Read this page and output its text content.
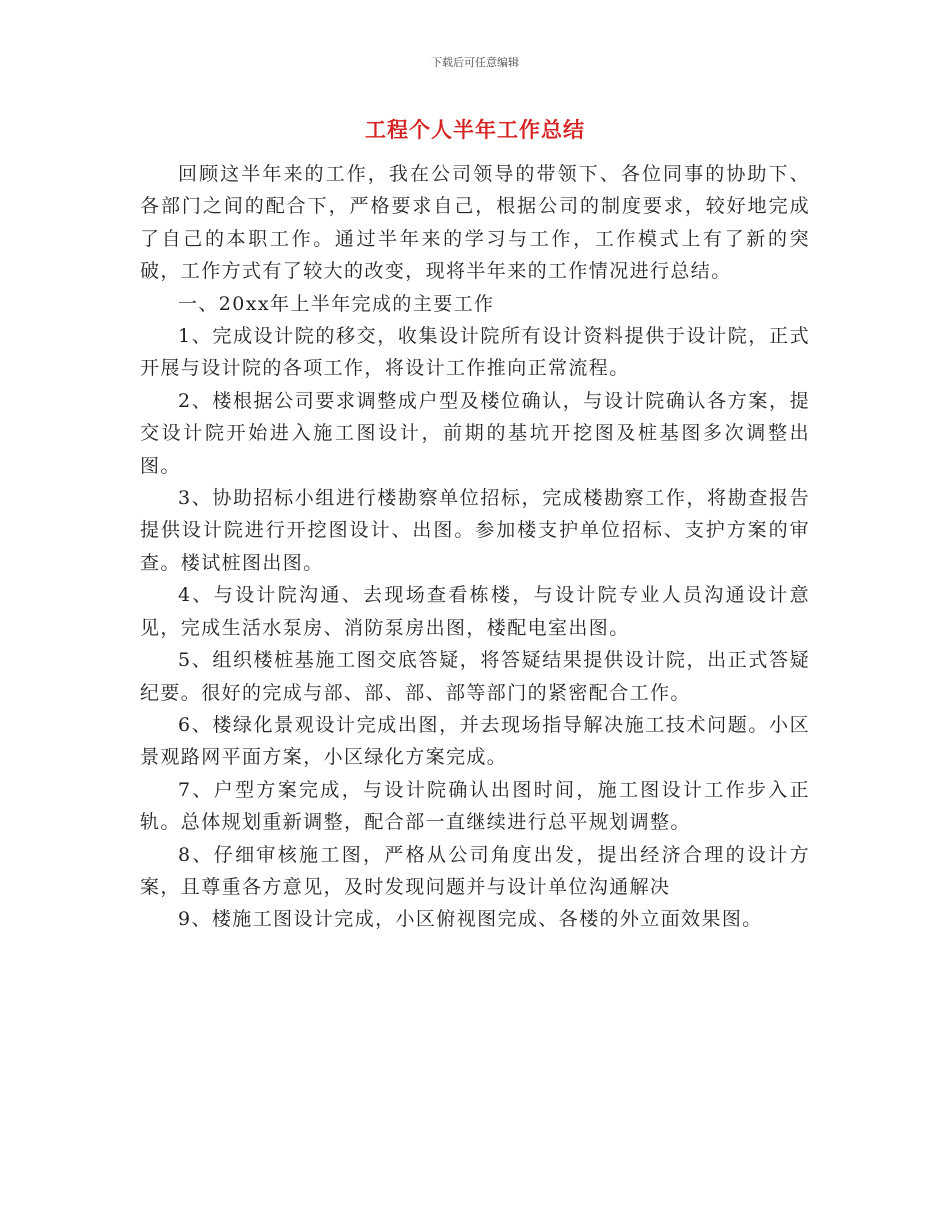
下载后可任意编辑
工程个人半年工作总结

回顾这半年来的工作，我在公司领导的带领下、各位同事的协助下、各部门之间的配合下，严格要求自己，根据公司的制度要求，较好地完成了自己的本职工作。通过半年来的学习与工作，工作模式上有了新的突破，工作方式有了较大的改变，现将半年来的工作情况进行总结。

一、20xx年上半年完成的主要工作

1、完成设计院的移交，收集设计院所有设计资料提供于设计院，正式开展与设计院的各项工作，将设计工作推向正常流程。

2、楼根据公司要求调整成户型及楼位确认，与设计院确认各方案，提交设计院开始进入施工图设计，前期的基坑开挖图及桩基图多次调整出图。

3、协助招标小组进行楼勘察单位招标，完成楼勘察工作，将勘查报告提供设计院进行开挖图设计、出图。参加楼支护单位招标、支护方案的审查。楼试桩图出图。

4、与设计院沟通、去现场查看栋楼，与设计院专业人员沟通设计意见，完成生活水泵房、消防泵房出图，楼配电室出图。

5、组织楼桩基施工图交底答疑，将答疑结果提供设计院，出正式答疑纪要。很好的完成与部、部、部、部等部门的紧密配合工作。

6、楼绿化景观设计完成出图，并去现场指导解决施工技术问题。小区景观路网平面方案，小区绿化方案完成。

7、户型方案完成，与设计院确认出图时间，施工图设计工作步入正轨。总体规划重新调整，配合部一直继续进行总平规划调整。

8、仔细审核施工图，严格从公司角度出发，提出经济合理的设计方案，且尊重各方意见，及时发现问题并与设计单位沟通解决

9、楼施工图设计完成，小区俯视图完成、各楼的外立面效果图。
